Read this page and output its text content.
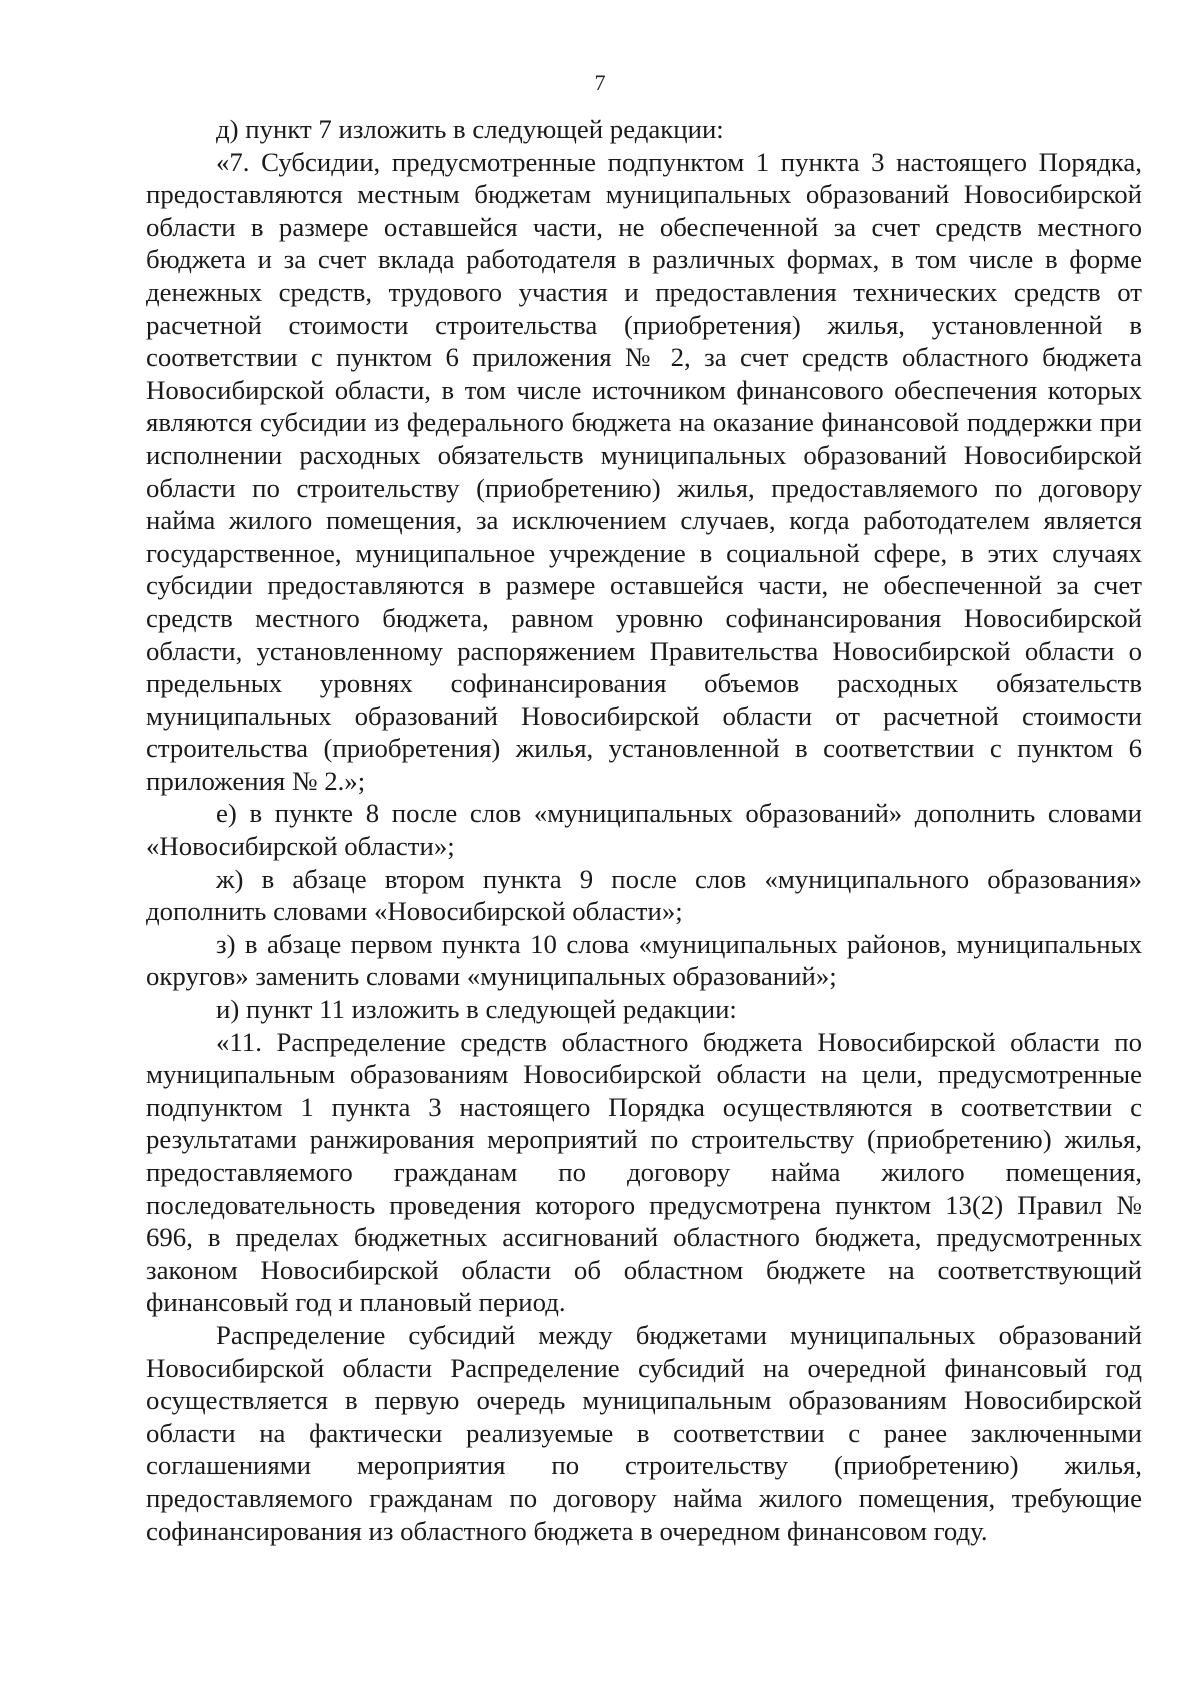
7

д) пункт 7 изложить в следующей редакции:

«7. Субсидии, предусмотренные подпунктом 1 пункта 3 настоящего Порядка, предоставляются местным бюджетам муниципальных образований Новосибирской области в размере оставшейся части, не обеспеченной за счет средств местного бюджета и за счет вклада работодателя в различных формах, в том числе в форме денежных средств, трудового участия и предоставления технических средств от расчетной стоимости строительства (приобретения) жилья, установленной в соответствии с пунктом 6 приложения № 2, за счет средств областного бюджета Новосибирской области, в том числе источником финансового обеспечения которых являются субсидии из федерального бюджета на оказание финансовой поддержки при исполнении расходных обязательств муниципальных образований Новосибирской области по строительству (приобретению) жилья, предоставляемого по договору найма жилого помещения, за исключением случаев, когда работодателем является государственное, муниципальное учреждение в социальной сфере, в этих случаях субсидии предоставляются в размере оставшейся части, не обеспеченной за счет средств местного бюджета, равном уровню софинансирования Новосибирской области, установленному распоряжением Правительства Новосибирской области о предельных уровнях софинансирования объемов расходных обязательств муниципальных образований Новосибирской области от расчетной стоимости строительства (приобретения) жилья, установленной в соответствии с пунктом 6 приложения № 2.»;

е) в пункте 8 после слов «муниципальных образований» дополнить словами «Новосибирской области»;

ж) в абзаце втором пункта 9 после слов «муниципального образования» дополнить словами «Новосибирской области»;

з) в абзаце первом пункта 10 слова «муниципальных районов, муниципальных округов» заменить словами «муниципальных образований»;

и) пункт 11 изложить в следующей редакции:

«11. Распределение средств областного бюджета Новосибирской области по муниципальным образованиям Новосибирской области на цели, предусмотренные подпунктом 1 пункта 3 настоящего Порядка осуществляются в соответствии с результатами ранжирования мероприятий по строительству (приобретению) жилья, предоставляемого гражданам по договору найма жилого помещения, последовательность проведения которого предусмотрена пунктом 13(2) Правил № 696, в пределах бюджетных ассигнований областного бюджета, предусмотренных законом Новосибирской области об областном бюджете на соответствующий финансовый год и плановый период.

Распределение субсидий между бюджетами муниципальных образований Новосибирской области Распределение субсидий на очередной финансовый год осуществляется в первую очередь муниципальным образованиям Новосибирской области на фактически реализуемые в соответствии с ранее заключенными соглашениями мероприятия по строительству (приобретению) жилья, предоставляемого гражданам по договору найма жилого помещения, требующие софинансирования из областного бюджета в очередном финансовом году.
